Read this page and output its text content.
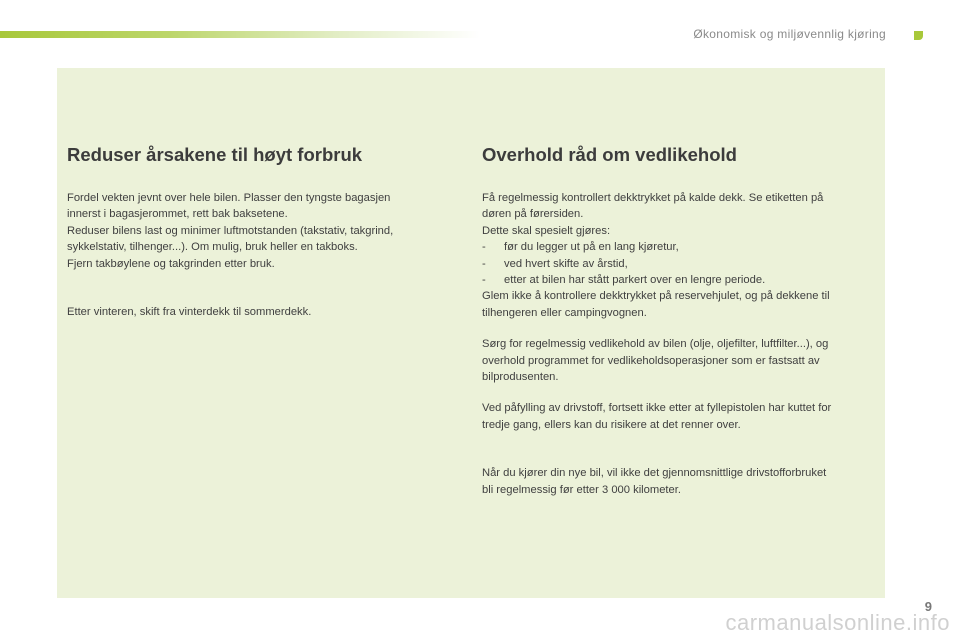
Økonomisk og miljøvennlig kjøring
Reduser årsakene til høyt forbruk

Fordel vekten jevnt over hele bilen. Plasser den tyngste bagasjen
innerst i bagasjerommet, rett bak baksetene.
Reduser bilens last og minimer luftmotstanden (takstativ, takgrind,
sykkelstativ, tilhenger...). Om mulig, bruk heller en takboks.
Fjern takbøylene og takgrinden etter bruk.

Etter vinteren, skift fra vinterdekk til sommerdekk.

Overhold råd om vedlikehold

Få regelmessig kontrollert dekktrykket på kalde dekk. Se etiketten på
døren på førersiden.
Dette skal spesielt gjøres:
- før du legger ut på en lang kjøretur,
- ved hvert skifte av årstid,
- etter at bilen har stått parkert over en lengre periode.
Glem ikke å kontrollere dekktrykket på reservehjulet, og på dekkene til
tilhengeren eller campingvognen.

Sørg for regelmessig vedlikehold av bilen (olje, oljefilter, luftfilter...), og
overhold programmet for vedlikeholdsoperasjoner som er fastsatt av
bilprodusenten.

Ved påfylling av drivstoff, fortsett ikke etter at fyllepistolen har kuttet for
tredje gang, ellers kan du risikere at det renner over.

Når du kjører din nye bil, vil ikke det gjennomsnittlige drivstofforbruket
bli regelmessig før etter 3 000 kilometer.

9
carmanualsonline.info
